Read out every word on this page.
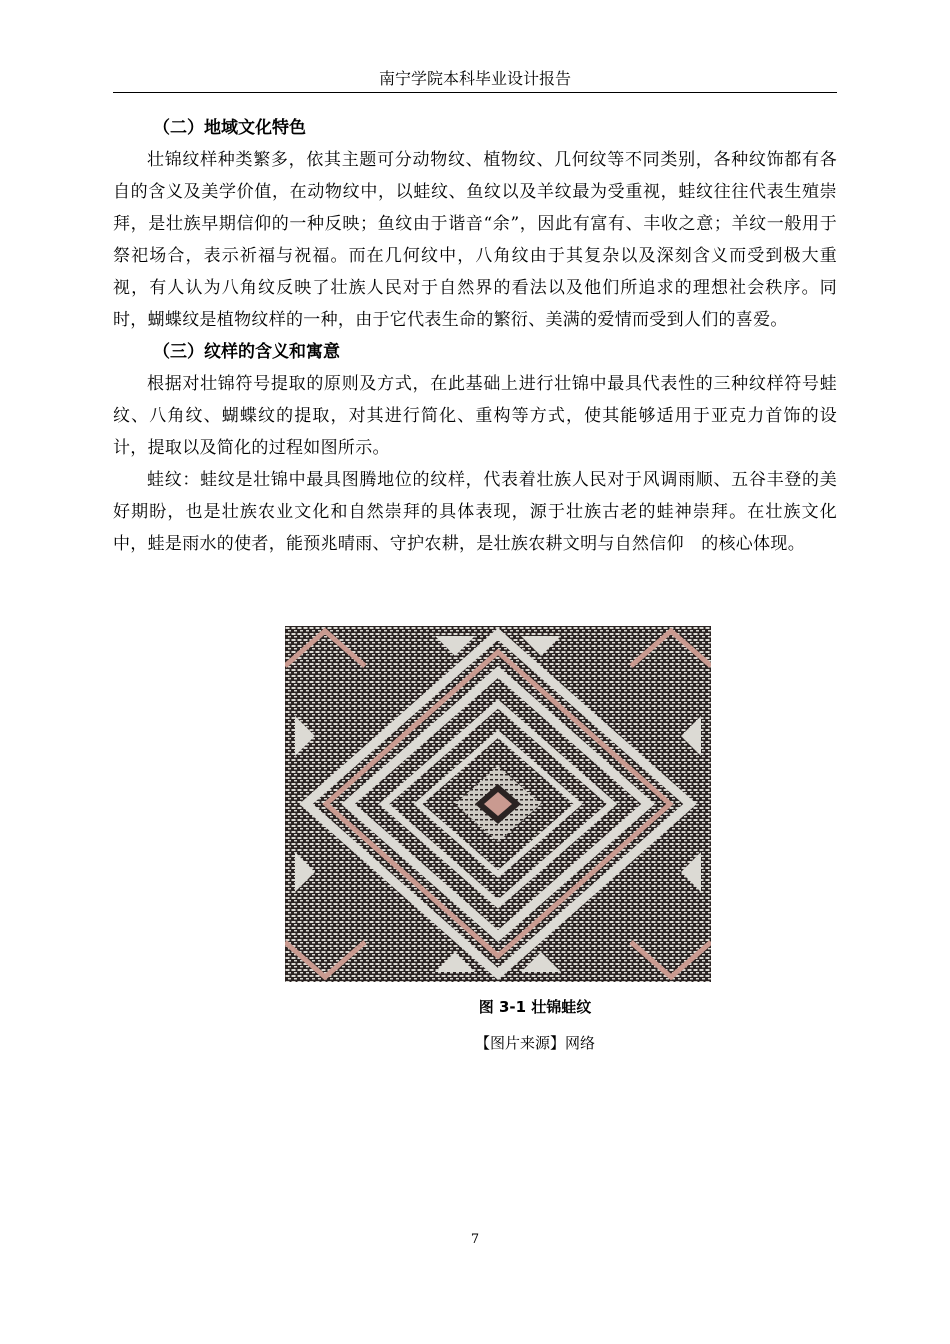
南宁学院本科毕业设计报告
（二）地域文化特色

壮锦纹样种类繁多，依其主题可分动物纹、植物纹、几何纹等不同类别，各种纹饰都有各自的含义及美学价值，在动物纹中，以蛙纹、鱼纹以及羊纹最为受重视，蛙纹往往代表生殖崇拜，是壮族早期信仰的一种反映；鱼纹由于谐音“余”，因此有富有、丰收之意；羊纹一般用于祭祀场合，表示祈福与祝福。而在几何纹中，八角纹由于其复杂以及深刻含义而受到极大重视，有人认为八角纹反映了壮族人民对于自然界的看法以及他们所追求的理想社会秩序。同时，蝴蝶纹是植物纹样的一种，由于它代表生命的繁衍、美满的爱情而受到人们的喜爱。

（三）纹样的含义和寓意

根据对壮锦符号提取的原则及方式，在此基础上进行壮锦中最具代表性的三种纹样符号蛙纹、八角纹、蝴蝶纹的提取，对其进行简化、重构等方式，使其能够适用于亚克力首饰的设计，提取以及简化的过程如图所示。

蛙纹：蛙纹是壮锦中最具图腾地位的纹样，代表着壮族人民对于风调雨顺、五谷丰登的美好期盼，也是壮族农业文化和自然崇拜的具体表现，源于壮族古老的蛙神崇拜。在壮族文化中，蛙是雨水的使者，能预兆晴雨、守护农耕，是壮族农耕文明与自然信仰　的核心体现。

图 3-1 壮锦蛙纹
【图片来源】网络
7
